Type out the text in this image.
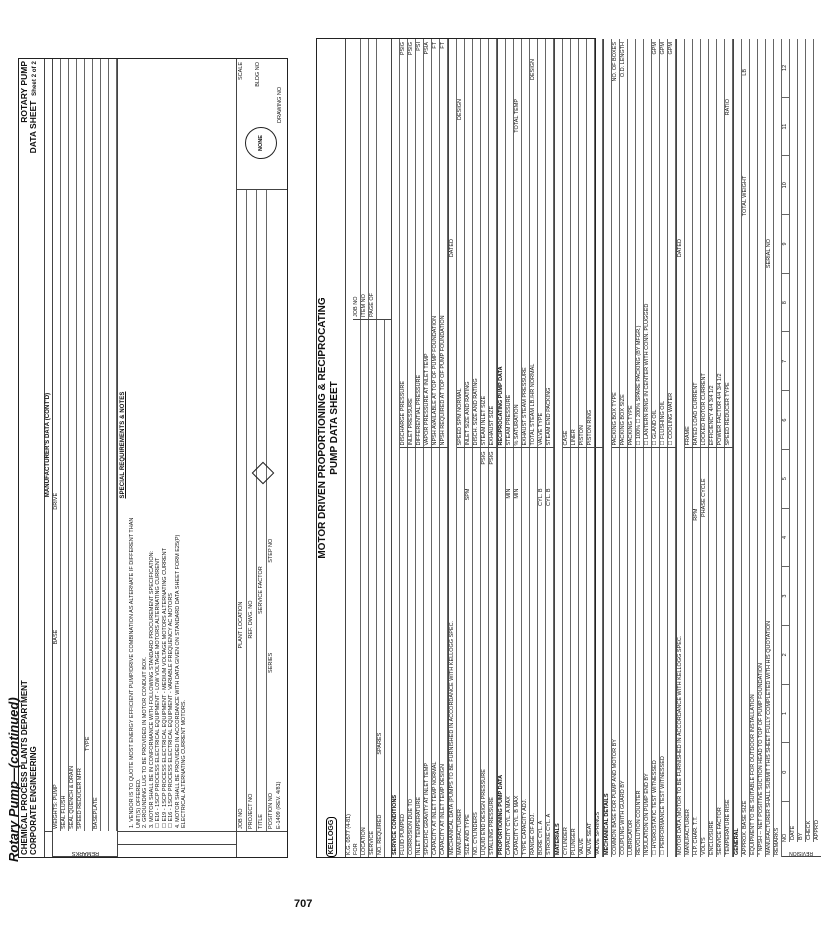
CHEMICAL PROCESS PLANTS DEPARTMENT CORPORATE ENGINEERING
ROTARY PUMP
DATA SHEET  Sheet 2 of 2
MANUFACTURER'S DATA (CONT'D)
REMARKS
WEIGHTS: PUMPBASEDRIVE
SEAL FLUSH SEAL QUENCH & DRAIN SPEED REDUCER MFR
TYPE
BASEPLATE
SPECIAL REQUIREMENTS & NOTES
1. VENDOR IS TO QUOTE MOST ENERGY EFFICIENT PUMP/DRIVE COMBINATION AS ALTERNATE IF DIFFERENT THAN UNIT(S) OFFERED. 2. GROUNDING LUG TO BE PROVIDED IN MOTOR CONDUIT BOX. 3. MOTOR SHALL BE IN CONFORMANCE WITH FOLLOWING STANDARD PROCUREMENT SPECIFICATION: ☐ E16 - 1SCP PROCESS ELECTRICAL EQUIPMENT - LOW VOLTAGE MOTORS ALTERNATING CURRENT ☐ E19 - 1SCP PROCESS ELECTRICAL EQUIPMENT - MEDIUM VOLTAGE MOTORS ALTERNATING CURRENT ☐ E16 - 1SCP PROCESS ELECTRICAL EQUIPMENT - VARIABLE FREQUENCY AC MOTORS 4. MOTOR SHALL BE PROVIDED IN ACCORDANCE WITH DATA GIVEN ON STANDARD DATA SHEET FORM E25(P) ELECTRICAL ALTERNATING CURRENT MOTORS.	JOB NOPLANT LOCATION
PROJECT NOREF. DWG. NO
TITLESERVICE FACTOR
POSITION NOSERIESSTEP NO
E-1409 (REV. 4/81)
SCALE
NONE
BLDG NO
DRAWING NO
KELLOGG
MOTOR DRIVEN PROPORTIONING & RECIPROCATING PUMP DATA SHEET
K.G. 0577 (4-81) FOR LOCATION SERVICE NO. REQUIREDSPARES
JOB NO ITEM NO PAGE OF
SERVICE CONDITIONS FLUID PUMPED CORROSION DUE TO INLET TEMPERATURE SPECIFIC GRAVITY AT INLET TEMP CAPACITY AT INLET TEMP NORMAL CAPACITY AT INLET TEMP DESIGN
DISCHARGE PRESSURE
PSIG
INLET PRESSURE
PSIG
DIFFERENTIAL PRESSURE
PSI
VAPOR PRESSURE AT INLET TEMP
PSIA
NPSH AVAILABLE AT TOP OF PUMP FOUNDATION
FT
NPSH REQUIRED AT TOP OF PUMP FOUNDATION
FT
MECHANICAL DATA (PUMPS TO BE FURNISHED IN ACCORDANCE WITH KELLOGG SPEC.
DATED
MANUFACTURER SIZE AND TYPE
SPM
NO. CYLINDERS LIQUID END DESIGN PRESSURE
PSIG
STALLING PRESSURE
PSIG
SPEED SPM NORMAL
DESIGN
INLET SIZE AND RATING DISCH. SIZE AND RATING STEAM INLET SIZE EXHAUST SIZE
PROPORTIONING PUMP DATA CAPACITY CYL. A MAX
MIN
CAPACITY CYL. B MAX
MIN
TYPE CAPACITY ADJ. RANGE OF ADJ. BORE CYL. A
CYL. B
STROKE CYL. A
CYL. B
RECIPROCATING PUMP DATA STEAM PRESSURE % SATURATION
TOTAL TEMP
EXHAUST STEAM PRESSURE TOTAL STEAM LB./HR NORMAL
DESIGN
VALVE TYPE STEAM END PACKING
MATERIALS CYLINDER PLUNGER VALVE VALVE SEAT VALVE SPRINGS
CASE LINER PISTON PISTON RING
MECHANICAL DETAILS COMMON BASE FOR PUMP AND MOTOR BY COUPLING WITH GUARD BY LUBRICATOR REVOLUTION COUNTER INSULATION ON PUMP END BY ☐ HYDROSTATIC TEST WITNESSED ☐ PERFORMANCE TEST WITNESSED
PACKING BOX TYPE
NO. OF BOXES
PACKING BOX SIZE
O.D. LENGTH
PACKING TYPE ☐ 100% ☐ 200% SPARE PACKING (BY MFGR.) ☐ LANTERN RING IN CENTER WITH CONN. PLUGGED ☐ GLAND OIL
GPM
☐ FLUSHING OIL
GPM
☐ COOLING WATER
GPM
MOTOR DATA (MOTOR TO BE FURNISHED IN ACCORDANCE WITH KELLOGG SPEC.
DATED
MANUFACTURER H.P. CHAR. T.T.
RPM
VOLTS
PHASE CYCLE
ENCLOSURE SERVICE FACTOR TEMPERATURE RISE
FRAME RATED LOAD CURRENT LOCKED ROTOR CURRENT EFFICIENCY 4/4 3/4 1/2 POWER FACTOR 4/4 3/4 1/2 SPEED REDUCER TYPE
RATIO
GENERAL APPROX. BASE SIZE
TOTAL WEIGHT
LB
EQUIPMENT TO BE SUITABLE FOR OUTDOOR INSTALLATION * NPSH -- NET POSITIVE SUCTION HEAD TO TOP OF PUMP FOUNDATION MANUFACTURER SHALL SUBMIT THIS SHEET FULLY COMPLETED WITH HIS QUOTATION
SERIAL NO
REMARKS	REVISION
NO
0
1
2
3
4
5
6
7
8
9
10
11
12
DATE BY CHECK APPR'D
Rotary Pump—(continued)
707
